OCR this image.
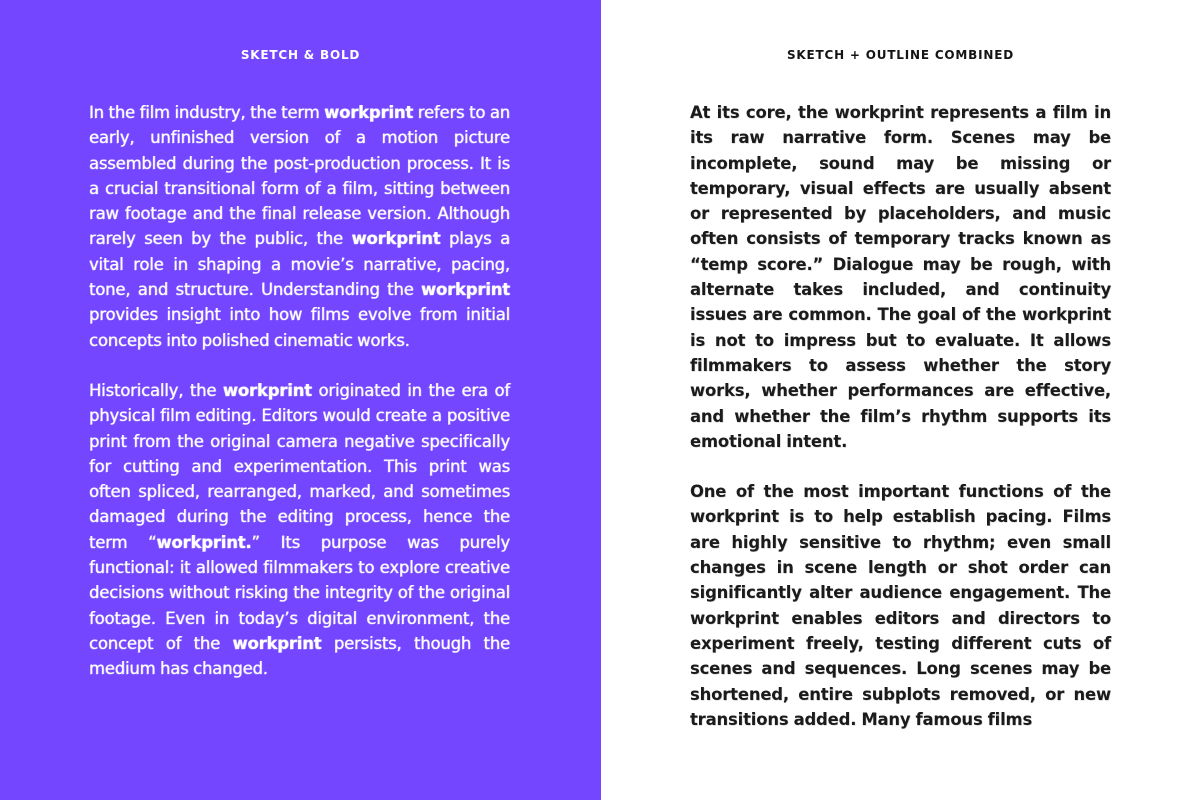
SKETCH & BOLD

In the film industry, the term workprint refers to an early, unfinished version of a motion picture assembled during the post-production process. It is a crucial transitional form of a film, sitting between raw footage and the final release version. Although rarely seen by the public, the workprint plays a vital role in shaping a movie’s narrative, pacing, tone, and structure. Understanding the workprint provides insight into how films evolve from initial concepts into polished cinematic works.

Historically, the workprint originated in the era of physical film editing. Editors would create a positive print from the original camera negative specifically for cutting and experimentation. This print was often spliced, rearranged, marked, and sometimes damaged during the editing process, hence the term “workprint.” Its purpose was purely functional: it allowed filmmakers to explore creative decisions without risking the integrity of the original footage. Even in today’s digital environment, the concept of the workprint persists, though the medium has changed.

SKETCH + OUTLINE COMBINED

At its core, the workprint represents a film in its raw narrative form. Scenes may be incomplete, sound may be missing or temporary, visual effects are usually absent or represented by placeholders, and music often consists of temporary tracks known as “temp score.” Dialogue may be rough, with alternate takes included, and continuity issues are common. The goal of the workprint is not to impress but to evaluate. It allows filmmakers to assess whether the story works, whether performances are effective, and whether the film’s rhythm supports its emotional intent.

One of the most important functions of the workprint is to help establish pacing. Films are highly sensitive to rhythm; even small changes in scene length or shot order can significantly alter audience engagement. The workprint enables editors and directors to experiment freely, testing different cuts of scenes and sequences. Long scenes may be shortened, entire subplots removed, or new transitions added. Many famous films
